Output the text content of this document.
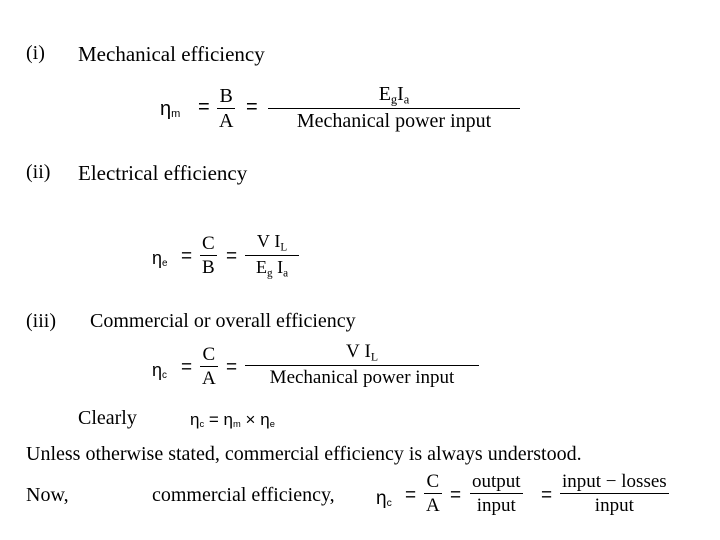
(i) Mechanical efficiency
ηm = B
A
=
$E_gI_a$
Mechanical power input
(ii) Electrical efficiency
ηe =
C
B
=
V $I_L$
$E_g$ $I_a$
(iii) Commercial or overall efficiency
ηc =
C
A
=
V $I_L$
Mechanical power input
Clearly	ηc = ηm × ηe
Unless otherwise stated, commercial efficiency is always understood.
Now,	commercial efficiency, ηc =
C
A =
output
input =
input − losses
input
